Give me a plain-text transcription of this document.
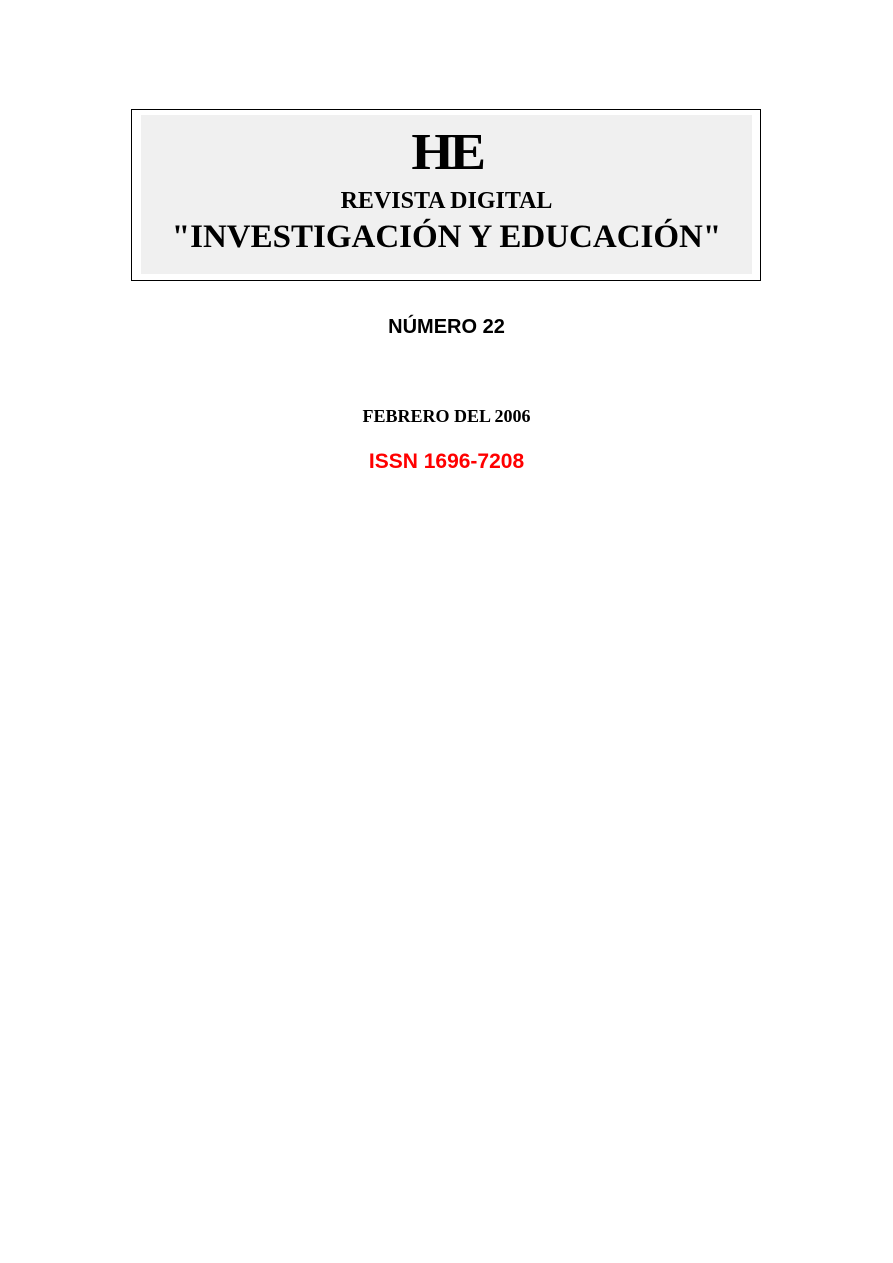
HE
REVISTA DIGITAL
"INVESTIGACIÓN Y EDUCACIÓN"
NÚMERO 22
FEBRERO DEL 2006
ISSN 1696-7208
